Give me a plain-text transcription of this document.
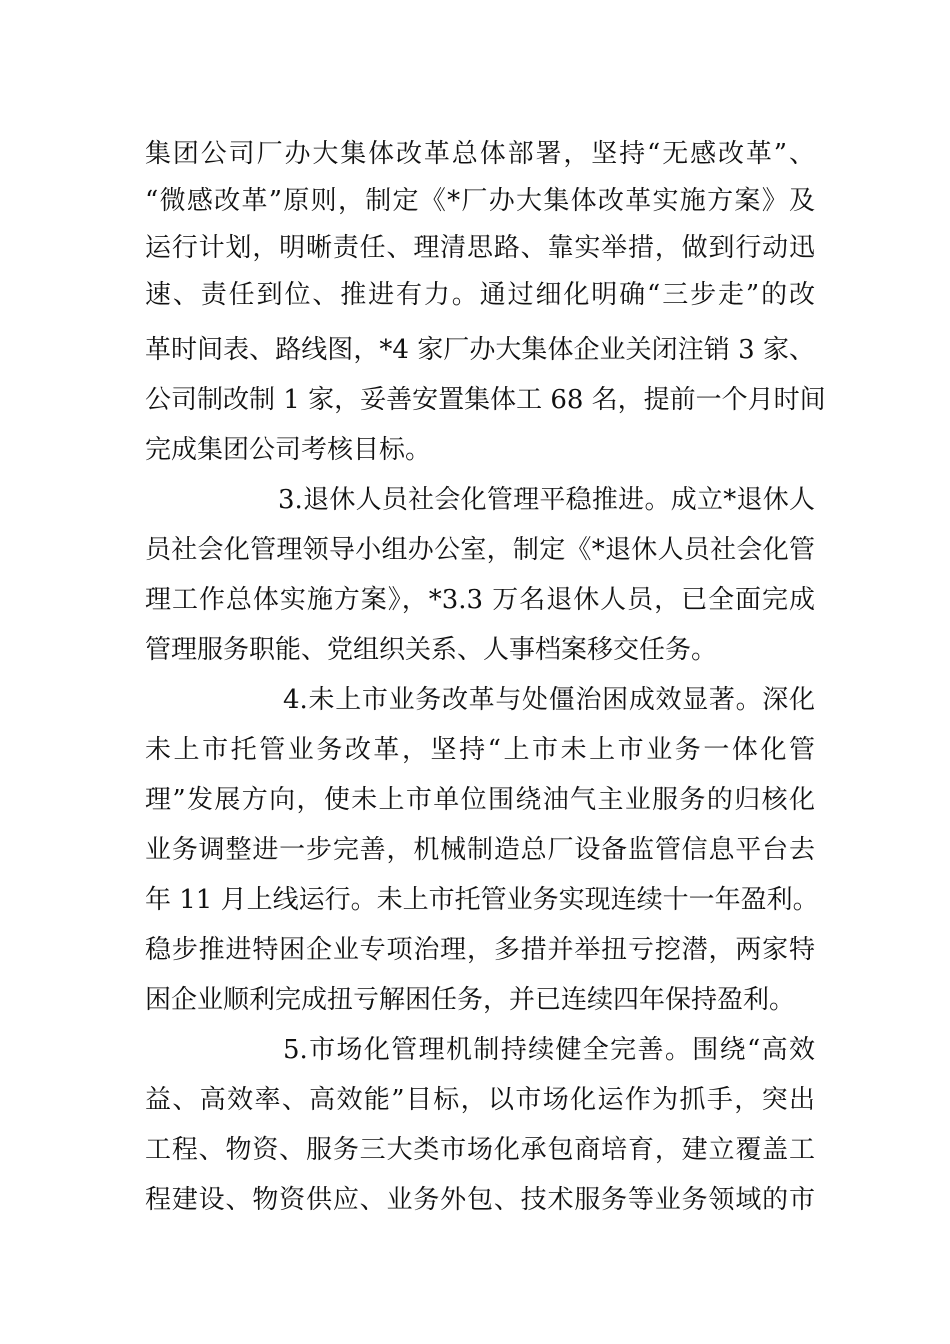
集团公司厂办大集体改革总体部署，坚持“无感改革”、
“微感改革”原则，制定《*厂办大集体改革实施方案》及
运行计划，明晰责任、理清思路、靠实举措，做到行动迅
速、责任到位、推进有力。通过细化明确“三步走”的改
革时间表、路线图，*4 家厂办大集体企业关闭注销 3 家、
公司制改制 1 家，妥善安置集体工 68 名，提前一个月时间
完成集团公司考核目标。
3.退休人员社会化管理平稳推进。成立*退休人
员社会化管理领导小组办公室，制定《*退休人员社会化管
理工作总体实施方案》，*3.3 万名退休人员，已全面完成
管理服务职能、党组织关系、人事档案移交任务。
4.未上市业务改革与处僵治困成效显著。深化
未上市托管业务改革，坚持“上市未上市业务一体化管
理”发展方向，使未上市单位围绕油气主业服务的归核化
业务调整进一步完善，机械制造总厂设备监管信息平台去
年 11 月上线运行。未上市托管业务实现连续十一年盈利。
稳步推进特困企业专项治理，多措并举扭亏挖潜，两家特
困企业顺利完成扭亏解困任务，并已连续四年保持盈利。
5.市场化管理机制持续健全完善。围绕“高效
益、高效率、高效能”目标，以市场化运作为抓手，突出
工程、物资、服务三大类市场化承包商培育，建立覆盖工
程建设、物资供应、业务外包、技术服务等业务领域的市
